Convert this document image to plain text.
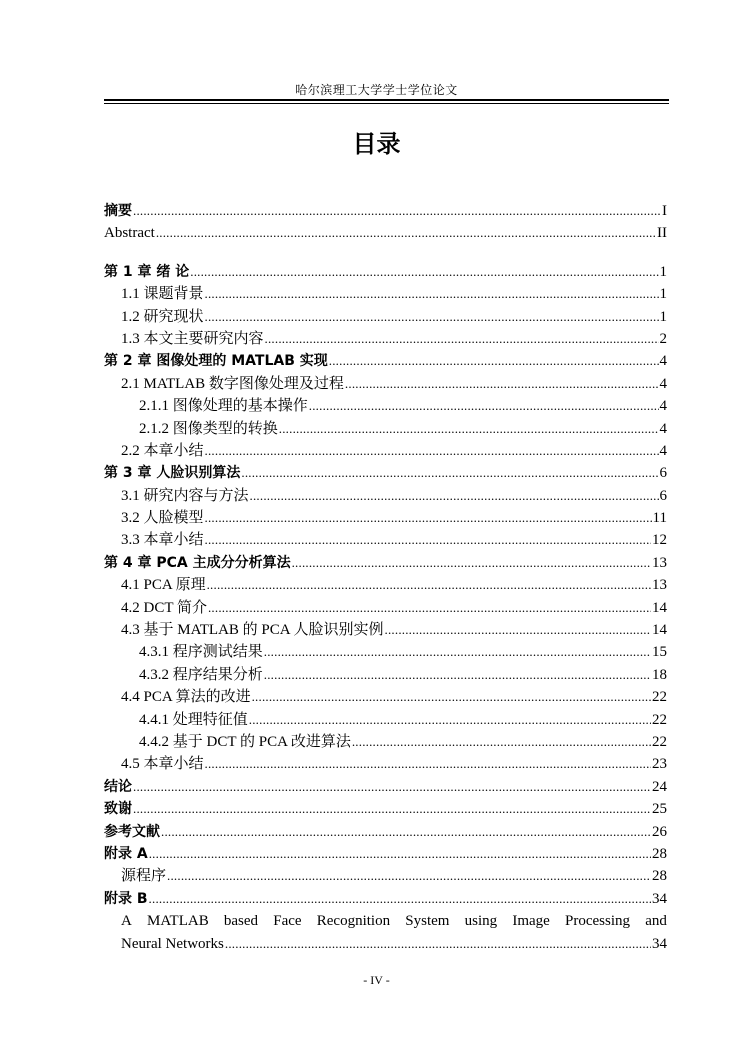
哈尔滨理工大学学士学位论文
目录
摘要 .....	I
Abstract .....	II
第 1 章 绪 论 .....	1
1.1 课题背景 .....	1
1.2 研究现状 .....	1
1.3 本文主要研究内容 .....	2
第 2 章 图像处理的 MATLAB 实现 .....	4
2.1 MATLAB 数字图像处理及过程 .....	4
2.1.1 图像处理的基本操作 .....	4
2.1.2 图像类型的转换 .....	4
2.2 本章小结 .....	4
第 3 章 人脸识别算法 .....	6
3.1 研究内容与方法 .....	6
3.2 人脸模型 .....	11
3.3 本章小结 .....	12
第 4 章 PCA 主成分分析算法 .....	13
4.1 PCA 原理 .....	13
4.2 DCT 简介 .....	14
4.3 基于 MATLAB 的 PCA 人脸识别实例 .....	14
4.3.1 程序测试结果 .....	15
4.3.2 程序结果分析 .....	18
4.4 PCA 算法的改进 .....	22
4.4.1 处理特征值 .....	22
4.4.2 基于 DCT 的 PCA 改进算法 .....	22
4.5 本章小结 .....	23
结论 .....	24
致谢 .....	25
参考文献 .....	26
附录 A .....	28
源程序 .....	28
附录 B .....	34
A MATLAB based Face Recognition System using Image Processing and
Neural Networks .....	34
- IV -
